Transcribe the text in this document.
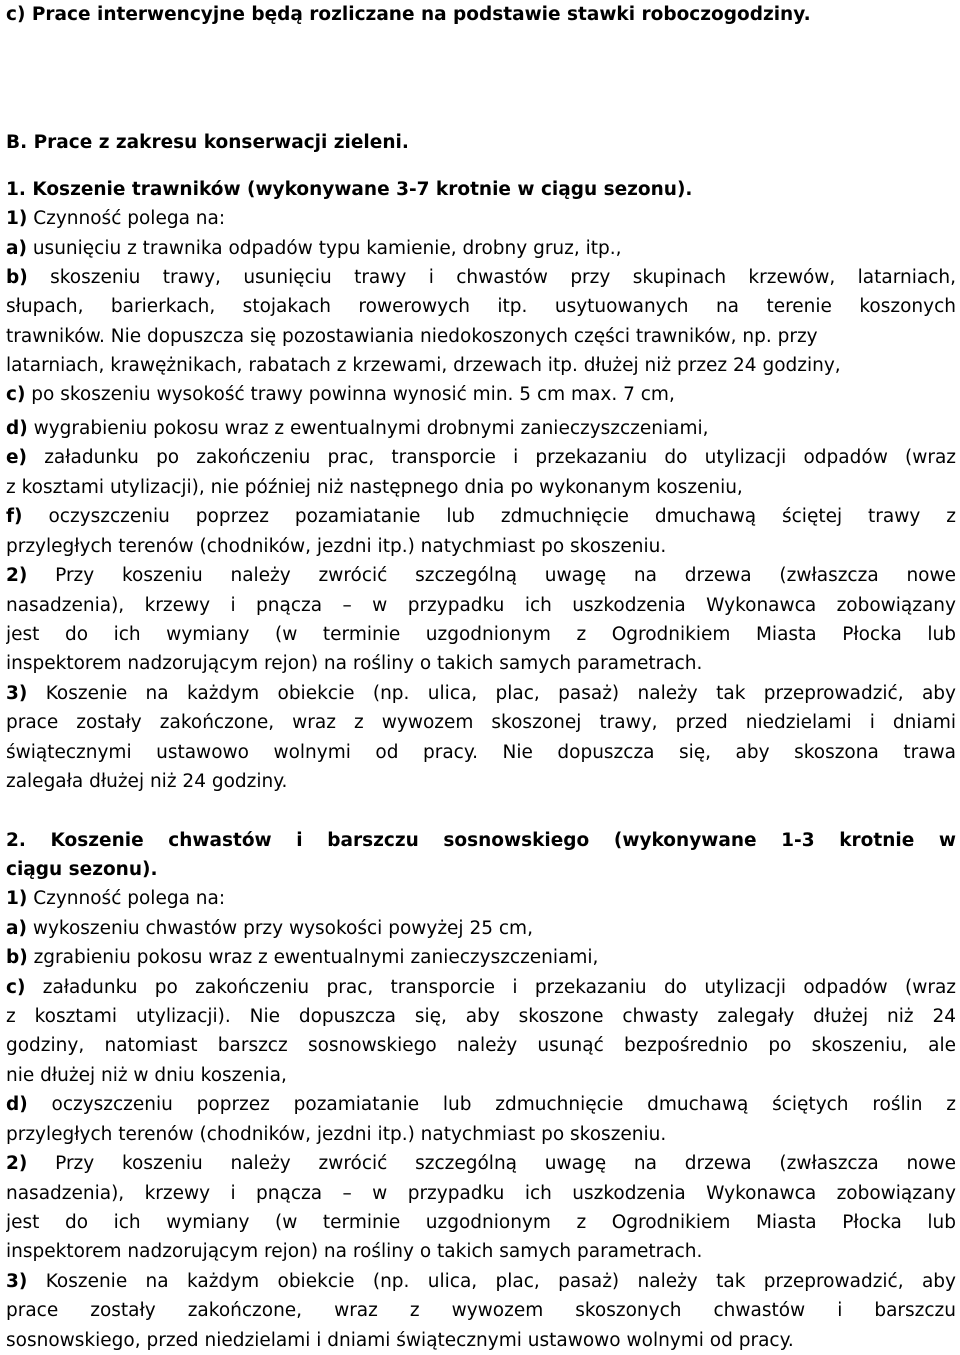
c) Prace interwencyjne będą rozliczane na podstawie stawki roboczogodziny.
B. Prace z zakresu konserwacji zieleni.
1. Koszenie trawników (wykonywane 3-7 krotnie w ciągu sezonu).
1) Czynność polega na:
a) usunięciu z trawnika odpadów typu kamienie, drobny gruz, itp.,
b) skoszeniu trawy, usunięciu trawy i chwastów przy skupinach krzewów, latarniach,
słupach, barierkach, stojakach rowerowych itp. usytuowanych na terenie koszonych
trawników. Nie dopuszcza się pozostawiania niedokoszonych części trawników, np. przy
latarniach, krawężnikach, rabatach z krzewami, drzewach itp. dłużej niż przez 24 godziny,
c) po skoszeniu wysokość trawy powinna wynosić min. 5 cm max. 7 cm,
d) wygrabieniu pokosu wraz z ewentualnymi drobnymi zanieczyszczeniami,
e) załadunku po zakończeniu prac, transporcie i przekazaniu do utylizacji odpadów (wraz
z kosztami utylizacji), nie później niż następnego dnia po wykonanym koszeniu,
f) oczyszczeniu poprzez pozamiatanie lub zdmuchnięcie dmuchawą ściętej trawy z
przyległych terenów (chodników, jezdni itp.) natychmiast po skoszeniu.
2) Przy koszeniu należy zwrócić szczególną uwagę na drzewa (zwłaszcza nowe
nasadzenia), krzewy i pnącza – w przypadku ich uszkodzenia Wykonawca zobowiązany
jest do ich wymiany (w terminie uzgodnionym z Ogrodnikiem Miasta Płocka lub
inspektorem nadzorującym rejon) na rośliny o takich samych parametrach.
3) Koszenie na każdym obiekcie (np. ulica, plac, pasaż) należy tak przeprowadzić, aby
prace zostały zakończone, wraz z wywozem skoszonej trawy, przed niedzielami i dniami
świątecznymi ustawowo wolnymi od pracy. Nie dopuszcza się, aby skoszona trawa
zalegała dłużej niż 24 godziny.
2. Koszenie chwastów i barszczu sosnowskiego (wykonywane 1-3 krotnie w
ciągu sezonu).
1) Czynność polega na:
a) wykoszeniu chwastów przy wysokości powyżej 25 cm,
b) zgrabieniu pokosu wraz z ewentualnymi zanieczyszczeniami,
c) załadunku po zakończeniu prac, transporcie i przekazaniu do utylizacji odpadów (wraz
z kosztami utylizacji). Nie dopuszcza się, aby skoszone chwasty zalegały dłużej niż 24
godziny, natomiast barszcz sosnowskiego należy usunąć bezpośrednio po skoszeniu, ale
nie dłużej niż w dniu koszenia,
d) oczyszczeniu poprzez pozamiatanie lub zdmuchnięcie dmuchawą ściętych roślin z
przyległych terenów (chodników, jezdni itp.) natychmiast po skoszeniu.
2) Przy koszeniu należy zwrócić szczególną uwagę na drzewa (zwłaszcza nowe
nasadzenia), krzewy i pnącza – w przypadku ich uszkodzenia Wykonawca zobowiązany
jest do ich wymiany (w terminie uzgodnionym z Ogrodnikiem Miasta Płocka lub
inspektorem nadzorującym rejon) na rośliny o takich samych parametrach.
3) Koszenie na każdym obiekcie (np. ulica, plac, pasaż) należy tak przeprowadzić, aby
prace zostały zakończone, wraz z wywozem skoszonych chwastów i barszczu
sosnowskiego, przed niedzielami i dniami świątecznymi ustawowo wolnymi od pracy.
